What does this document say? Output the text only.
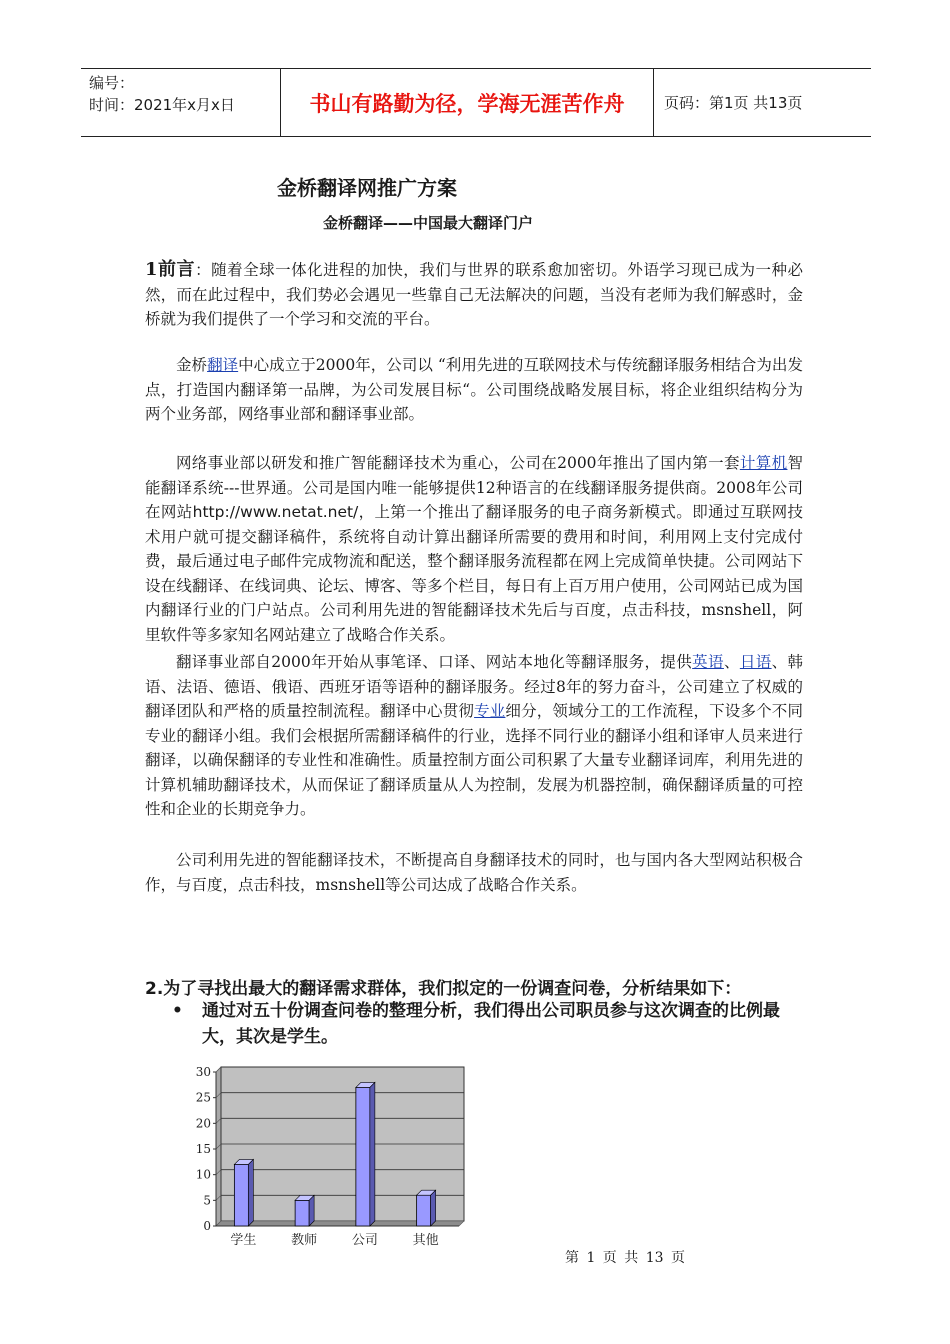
编号：
时间：2021年x月x日	书山有路勤为径，学海无涯苦作舟	页码：第1页 共13页
金桥翻译网推广方案
金桥翻译——中国最大翻译门户

1前言：随着全球一体化进程的加快，我们与世界的联系愈加密切。外语学习现已成为一种必然，而在此过程中，我们势必会遇见一些靠自己无法解决的问题，当没有老师为我们解惑时，金桥就为我们提供了一个学习和交流的平台。

金桥翻译中心成立于2000年，公司以 “利用先进的互联网技术与传统翻译服务相结合为出发点，打造国内翻译第一品牌，为公司发展目标“。公司围绕战略发展目标，将企业组织结构分为两个业务部，网络事业部和翻译事业部。

网络事业部以研发和推广智能翻译技术为重心，公司在2000年推出了国内第一套计算机智能翻译系统---世界通。公司是国内唯一能够提供12种语言的在线翻译服务提供商。2008年公司在网站http://www.netat.net/，上第一个推出了翻译服务的电子商务新模式。即通过互联网技术用户就可提交翻译稿件，系统将自动计算出翻译所需要的费用和时间，利用网上支付完成付费，最后通过电子邮件完成物流和配送，整个翻译服务流程都在网上完成简单快捷。公司网站下设在线翻译、在线词典、论坛、博客、等多个栏目，每日有上百万用户使用，公司网站已成为国内翻译行业的门户站点。公司利用先进的智能翻译技术先后与百度，点击科技，msnshell，阿里软件等多家知名网站建立了战略合作关系。

翻译事业部自2000年开始从事笔译、口译、网站本地化等翻译服务，提供英语、日语、韩语、法语、德语、俄语、西班牙语等语种的翻译服务。经过8年的努力奋斗，公司建立了权威的翻译团队和严格的质量控制流程。翻译中心贯彻专业细分，领域分工的工作流程，下设多个不同专业的翻译小组。我们会根据所需翻译稿件的行业，选择不同行业的翻译小组和译审人员来进行翻译，以确保翻译的专业性和准确性。质量控制方面公司积累了大量专业翻译词库，利用先进的计算机辅助翻译技术，从而保证了翻译质量从人为控制，发展为机器控制，确保翻译质量的可控性和企业的长期竞争力。

公司利用先进的智能翻译技术，不断提高自身翻译技术的同时，也与国内各大型网站积极合作，与百度，点击科技，msnshell等公司达成了战略合作关系。

2.为了寻找出最大的翻译需求群体，我们拟定的一份调查问卷，分析结果如下：
•	通过对五十份调查问卷的整理分析，我们得出公司职员参与这次调查的比例最大，其次是学生。
0
5
10
15
20
25
30
学生	教师	公司	其他
第 1 页 共 13 页
